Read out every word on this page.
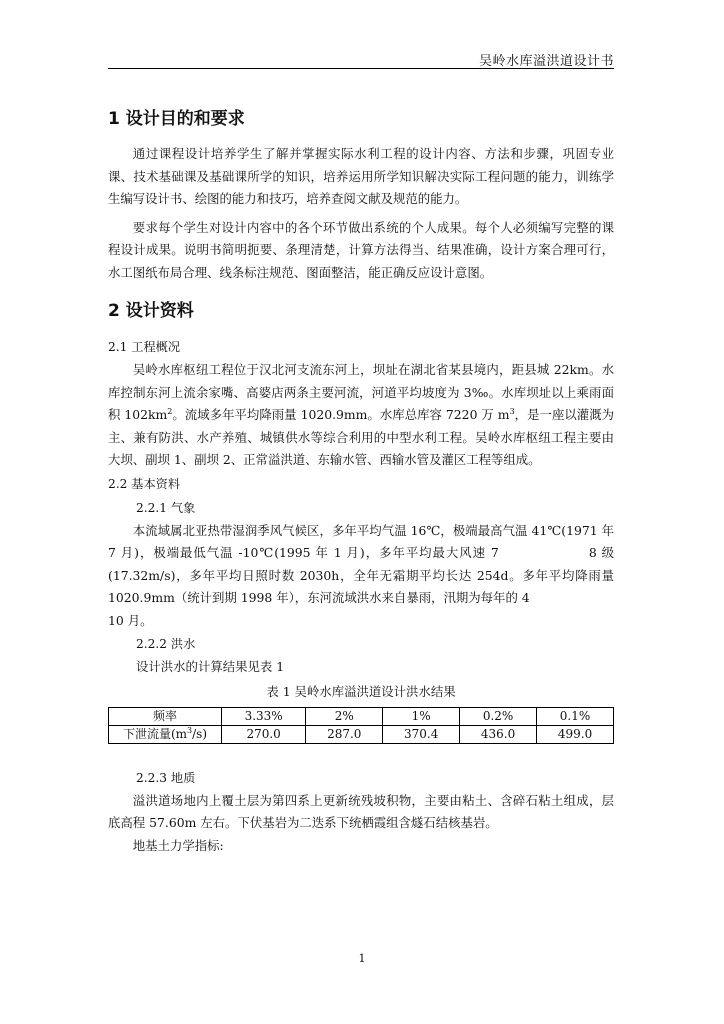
吴岭水库溢洪道设计书
1 设计目的和要求

通过课程设计培养学生了解并掌握实际水利工程的设计内容、方法和步骤，巩固专业课、技术基础课及基础课所学的知识，培养运用所学知识解决实际工程问题的能力，训练学生编写设计书、绘图的能力和技巧，培养查阅文献及规范的能力。

要求每个学生对设计内容中的各个环节做出系统的个人成果。每个人必须编写完整的课程设计成果。说明书简明扼要、条理清楚，计算方法得当、结果准确，设计方案合理可行，水工图纸布局合理、线条标注规范、图面整洁，能正确反应设计意图。

2 设计资料

2.1 工程概况

吴岭水库枢纽工程位于汉北河支流东河上，坝址在湖北省某县境内，距县城 22km。水库控制东河上流余家嘴、高婆店两条主要河流，河道平均坡度为 3‰。水库坝址以上乘雨面积 $102km^2$。流域多年平均降雨量 1020.9mm。水库总库容 7220 万 $m^3$，是一座以灌溉为主、兼有防洪、水产养殖、城镇供水等综合利用的中型水利工程。吴岭水库枢纽工程主要由大坝、副坝 1、副坝 2、正常溢洪道、东输水管、西输水管及灌区工程等组成。

2.2 基本资料

2.2.1 气象

本流域属北亚热带湿润季风气候区，多年平均气温 16℃，极端最高气温 41℃(1971 年 7 月)，极端最低气温 -10℃(1995 年 1 月)，多年平均最大风速 7	8 级(17.32m/s)，多年平均日照时数 2030h，全年无霜期平均长达 254d。多年平均降雨量 1020.9mm（统计到期 1998 年），东河流域洪水来自暴雨，汛期为每年的 4
10 月。

2.2.2 洪水

设计洪水的计算结果见表 1

表 1 吴岭水库溢洪道设计洪水结果
频率	3.33%	2%	1%	0.2%	0.1%
下泄流量$(m^3/s)$	270.0	287.0	370.4	436.0	499.0

2.2.3 地质

溢洪道场地内上覆土层为第四系上更新统残坡积物，主要由粘土、含碎石粘土组成，层底高程 57.60m 左右。下伏基岩为二迭系下统栖霞组含燧石结核基岩。

地基土力学指标:

1
